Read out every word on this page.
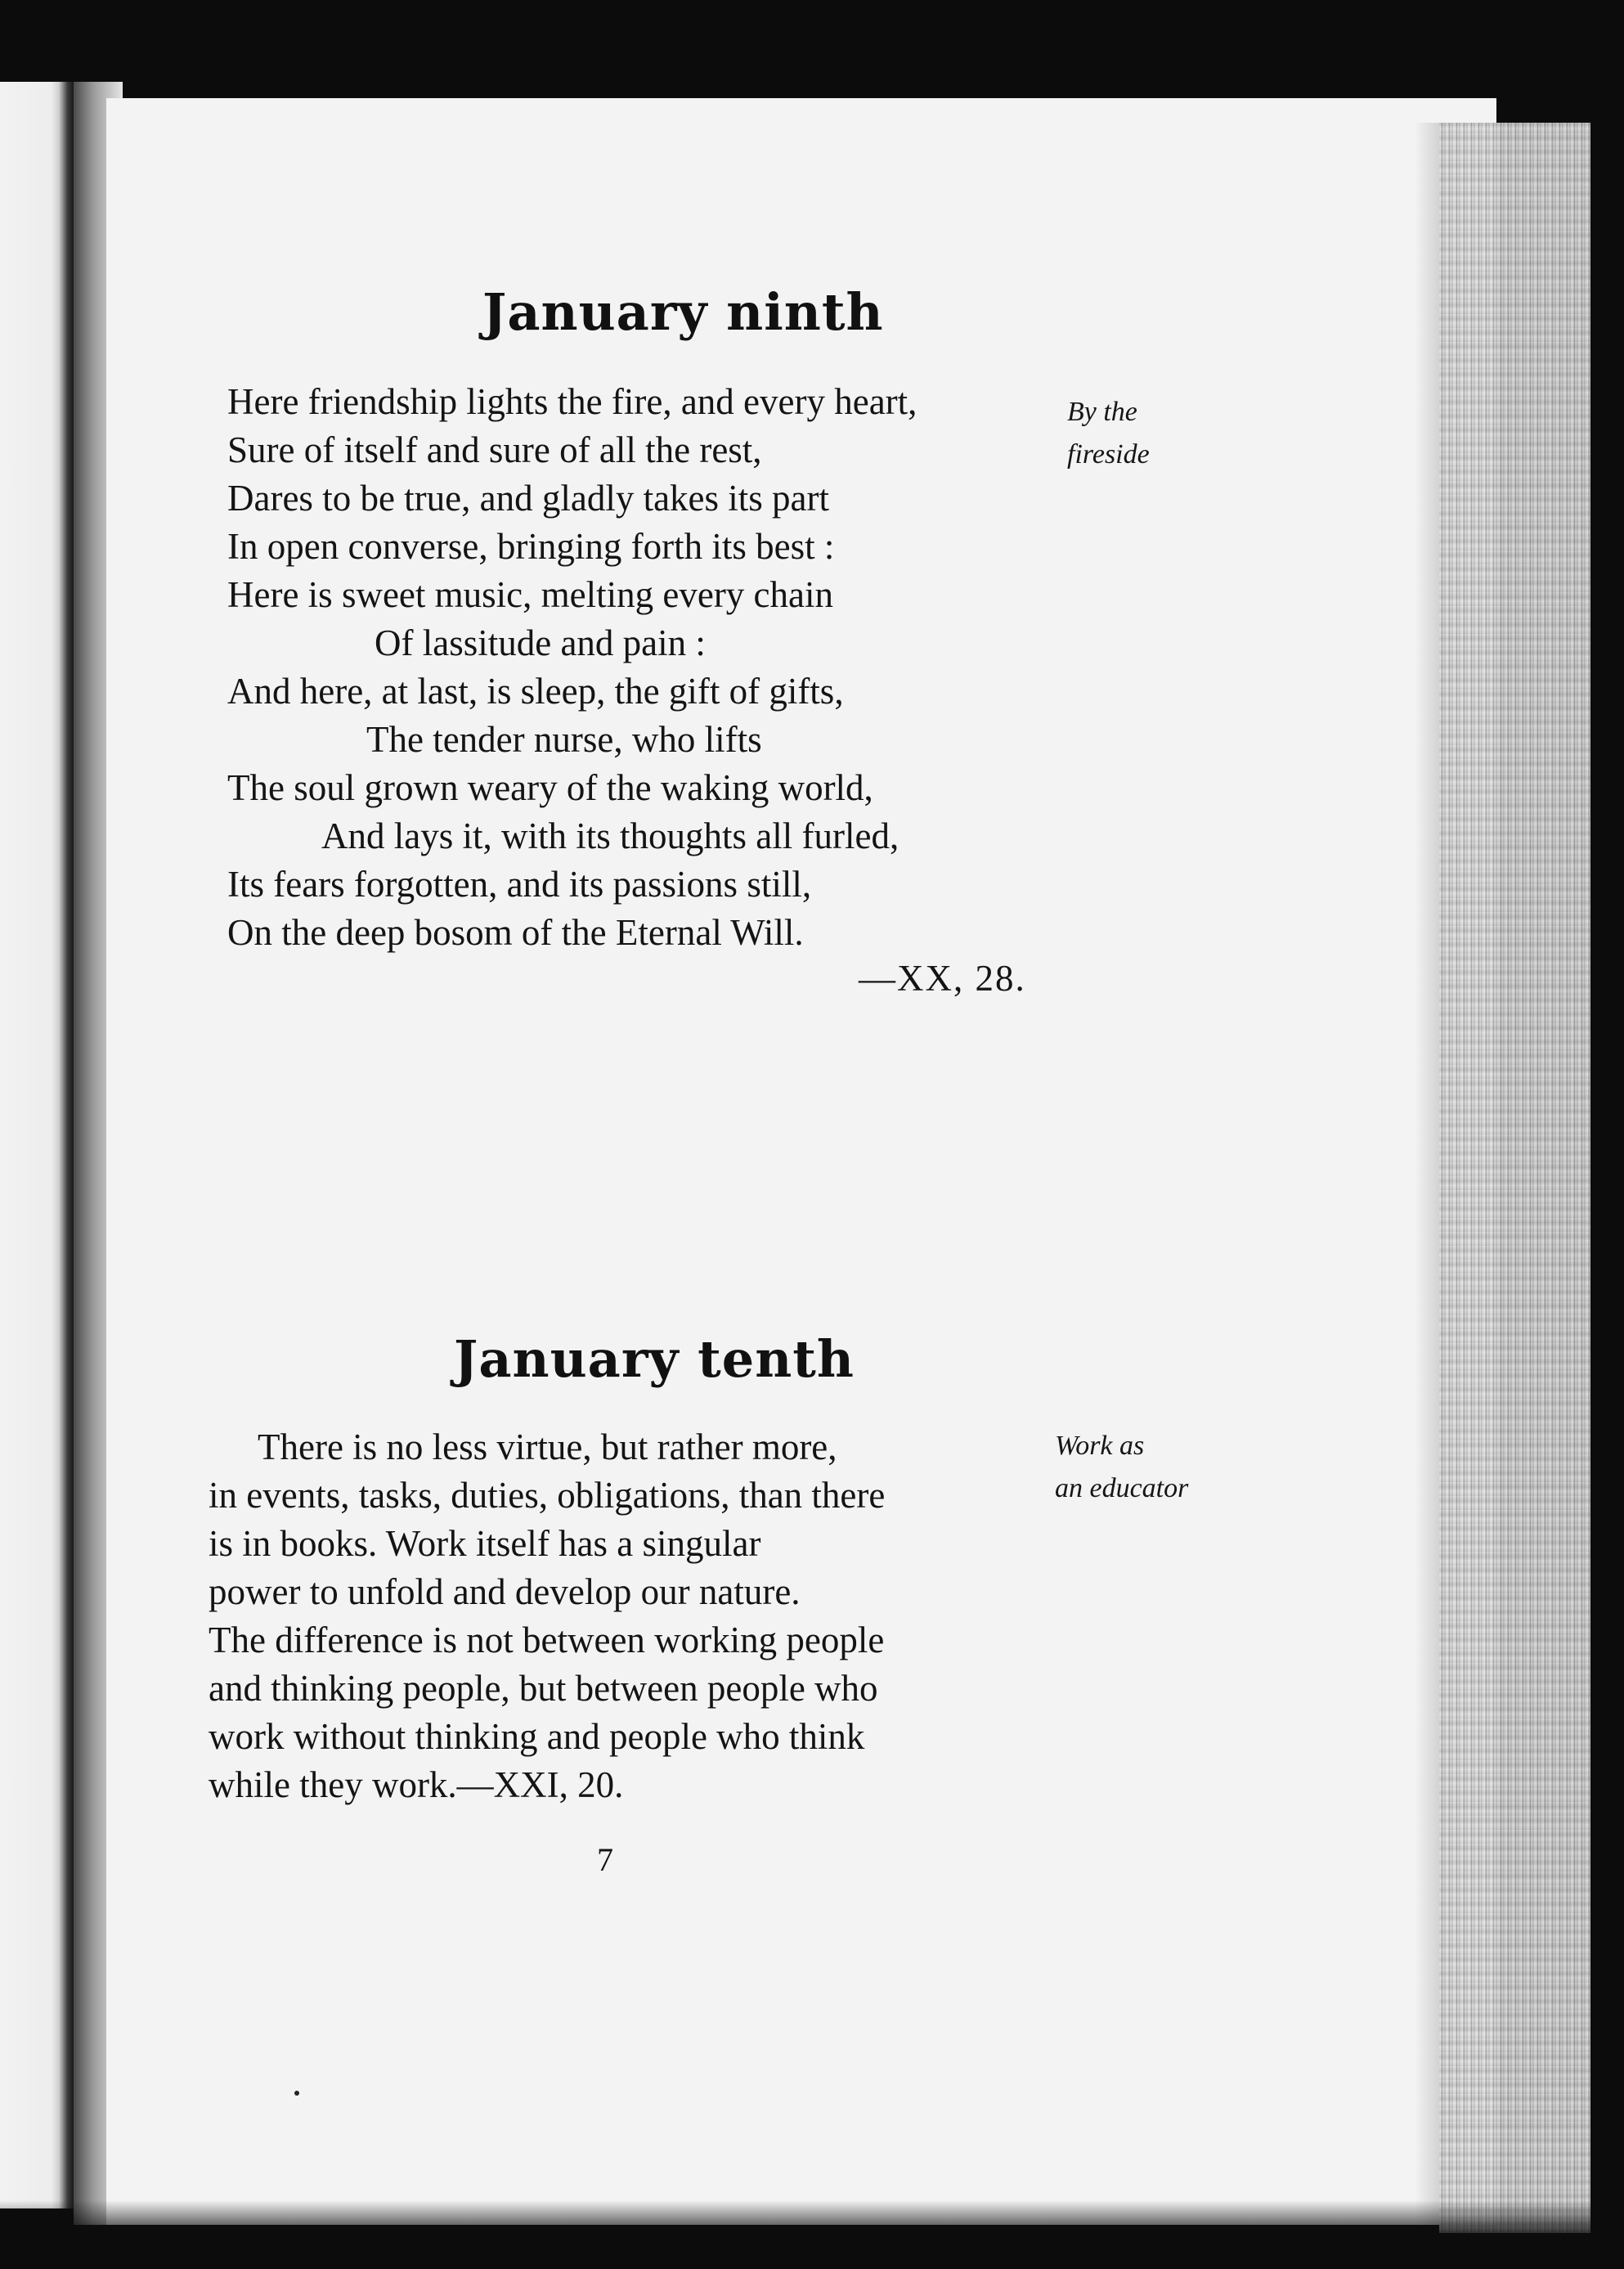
January ninth
Here friendship lights the fire, and every heart,
Sure of itself and sure of all the rest,
Dares to be true, and gladly takes its part
In open converse, bringing forth its best :
Here is sweet music, melting every chain
Of lassitude and pain :
And here, at last, is sleep, the gift of gifts,
The tender nurse, who lifts
The soul grown weary of the waking world,
And lays it, with its thoughts all furled,
Its fears forgotten, and its passions still,
On the deep bosom of the Eternal Will.
—XX, 28.
By the
fireside
January tenth
There is no less virtue, but rather more,
in events, tasks, duties, obligations, than there
is in books. Work itself has a singular
power to unfold and develop our nature.
The difference is not between working people
and thinking people, but between people who
work without thinking and people who think
while they work.—XXI, 20.
Work as
an educator
7
